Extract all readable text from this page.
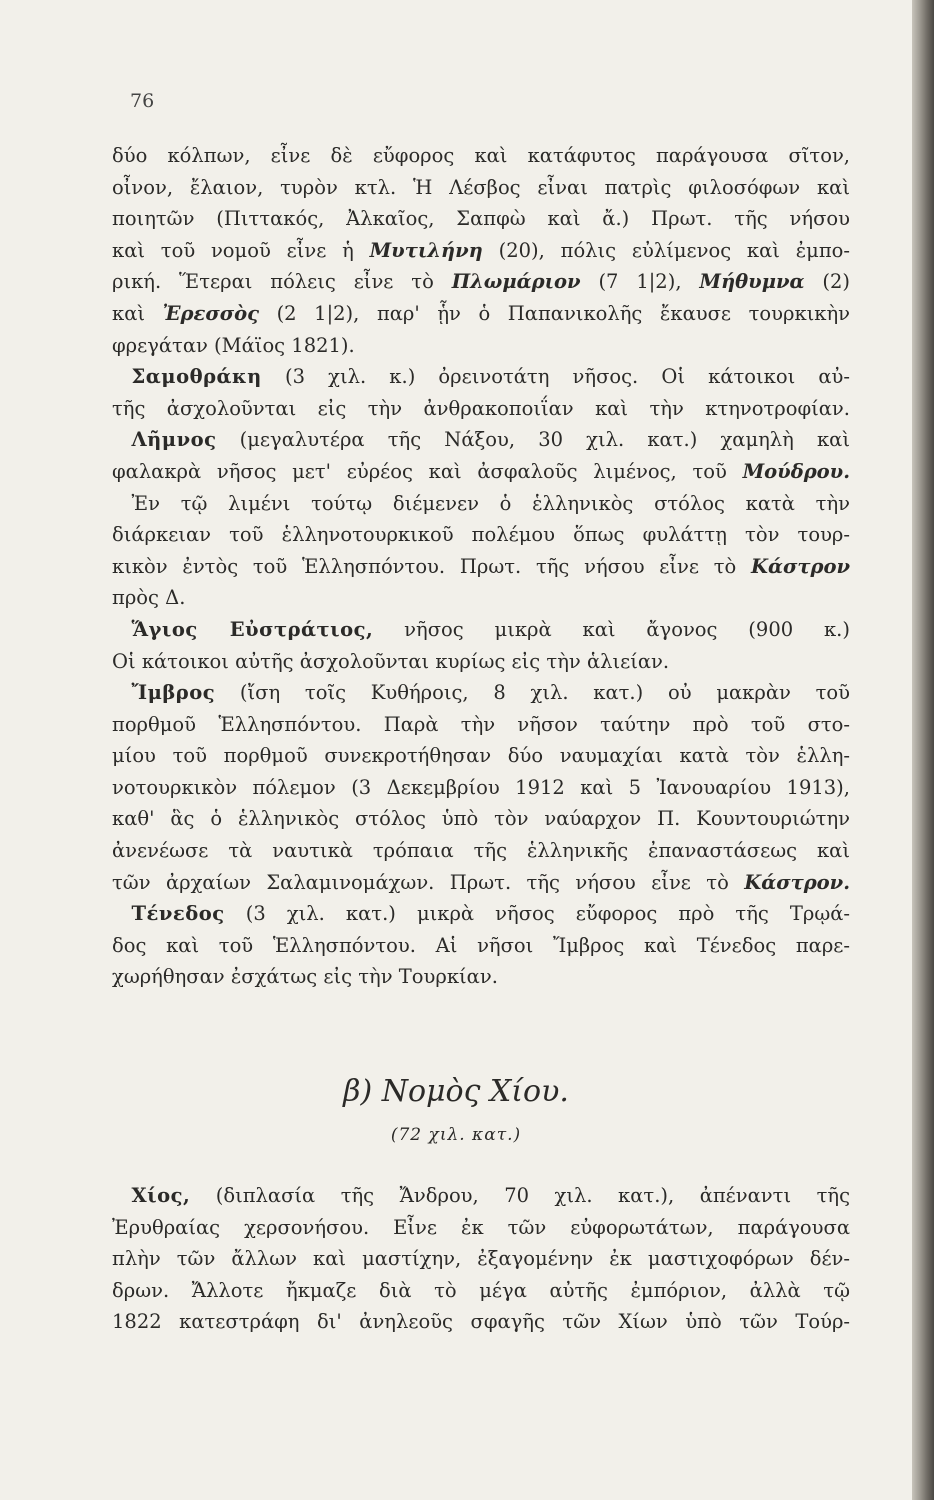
76
δύο κόλπων, εἶνε δὲ εὔφορος καὶ κατάφυτος παράγουσα σῖτον,
οἶνον, ἔλαιον, τυρὸν κτλ. Ἡ Λέσβος εἶναι πατρὶς φιλοσόφων καὶ
ποιητῶν (Πιττακός, Ἀλκαῖος, Σαπφὼ καὶ ἄ.) Πρωτ. τῆς νήσου
καὶ τοῦ νομοῦ εἶνε ἡ Μυτιλήνη (20), πόλις εὐλίμενος καὶ ἐμπο-
ρική. Ἕτεραι πόλεις εἶνε τὸ Πλωμάριον (7 1|2), Μήθυμνα (2)
καὶ Ἐρεσσὸς (2 1|2), παρ' ᾗν ὁ Παπανικολῆς ἔκαυσε τουρκικὴν
φρεγάταν (Μάϊος 1821).
 Σαμοθράκη (3 χιλ. κ.) ὀρεινοτάτη νῆσος. Οἱ κάτοικοι αὐ-
τῆς ἀσχολοῦνται εἰς τὴν ἀνθρακοποιΐαν καὶ τὴν κτηνοτροφίαν.
 Λῆμνος (μεγαλυτέρα τῆς Νάξου, 30 χιλ. κατ.) χαμηλὴ καὶ
φαλακρὰ νῆσος μετ' εὐρέος καὶ ἀσφαλοῦς λιμένος, τοῦ Μούδρου.
 Ἐν τῷ λιμένι τούτῳ διέμενεν ὁ ἑλληνικὸς στόλος κατὰ τὴν
διάρκειαν τοῦ ἑλληνοτουρκικοῦ πολέμου ὅπως φυλάττῃ τὸν τουρ-
κικὸν ἐντὸς τοῦ Ἑλλησπόντου. Πρωτ. τῆς νήσου εἶνε τὸ Κάστρον
πρὸς Δ.
 Ἅγιος Εὐστράτιος, νῆσος μικρὰ καὶ ἄγονος (900 κ.)
Οἱ κάτοικοι αὐτῆς ἀσχολοῦνται κυρίως εἰς τὴν ἁλιείαν.
 Ἴμβρος (ἴση τοῖς Κυθήροις, 8 χιλ. κατ.) οὐ μακρὰν τοῦ
πορθμοῦ Ἑλλησπόντου. Παρὰ τὴν νῆσον ταύτην πρὸ τοῦ στο-
μίου τοῦ πορθμοῦ συνεκροτήθησαν δύο ναυμαχίαι κατὰ τὸν ἑλλη-
νοτουρκικὸν πόλεμον (3 Δεκεμβρίου 1912 καὶ 5 Ἰανουαρίου 1913),
καθ' ἃς ὁ ἑλληνικὸς στόλος ὑπὸ τὸν ναύαρχον Π. Κουντουριώτην
ἀνενέωσε τὰ ναυτικὰ τρόπαια τῆς ἑλληνικῆς ἐπαναστάσεως καὶ
τῶν ἀρχαίων Σαλαμινομάχων. Πρωτ. τῆς νήσου εἶνε τὸ Κάστρον.
 Τένεδος (3 χιλ. κατ.) μικρὰ νῆσος εὔφορος πρὸ τῆς Τρῳά-
δος καὶ τοῦ Ἑλλησπόντου. Αἱ νῆσοι Ἴμβρος καὶ Τένεδος παρε-
χωρήθησαν ἐσχάτως εἰς τὴν Τουρκίαν.
β) Νομὸς Χίου.
(72 χιλ. κατ.)
 Χίος, (διπλασία τῆς Ἄνδρου, 70 χιλ. κατ.), ἀπέναντι τῆς
Ἐρυθραίας χερσονήσου. Εἶνε ἐκ τῶν εὐφορωτάτων, παράγουσα
πλὴν τῶν ἄλλων καὶ μαστίχην, ἐξαγομένην ἐκ μαστιχοφόρων δέν-
δρων. Ἄλλοτε ἤκμαζε διὰ τὸ μέγα αὐτῆς ἐμπόριον, ἀλλὰ τῷ
1822 κατεστράφη δι' ἀνηλεοῦς σφαγῆς τῶν Χίων ὑπὸ τῶν Τούρ-
